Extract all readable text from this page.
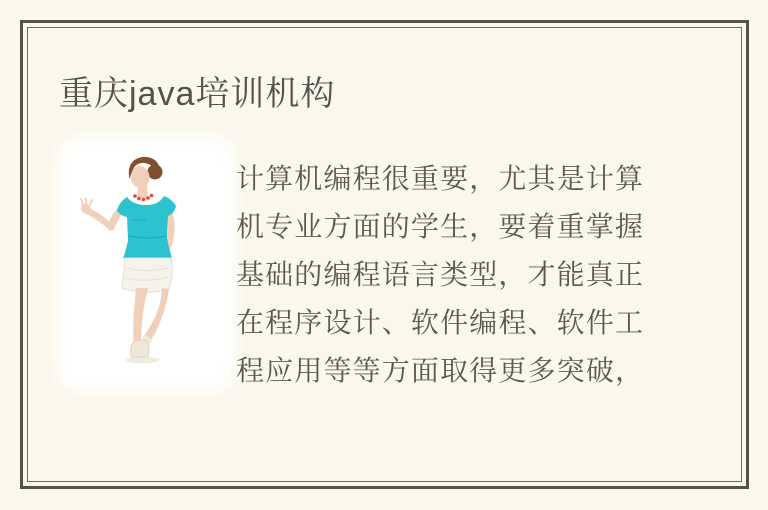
重庆java培训机构
计算机编程很重要，尤其是计算
机专业方面的学生，要着重掌握
基础的编程语言类型，才能真正
在程序设计、软件编程、软件工
程应用等等方面取得更多突破，
